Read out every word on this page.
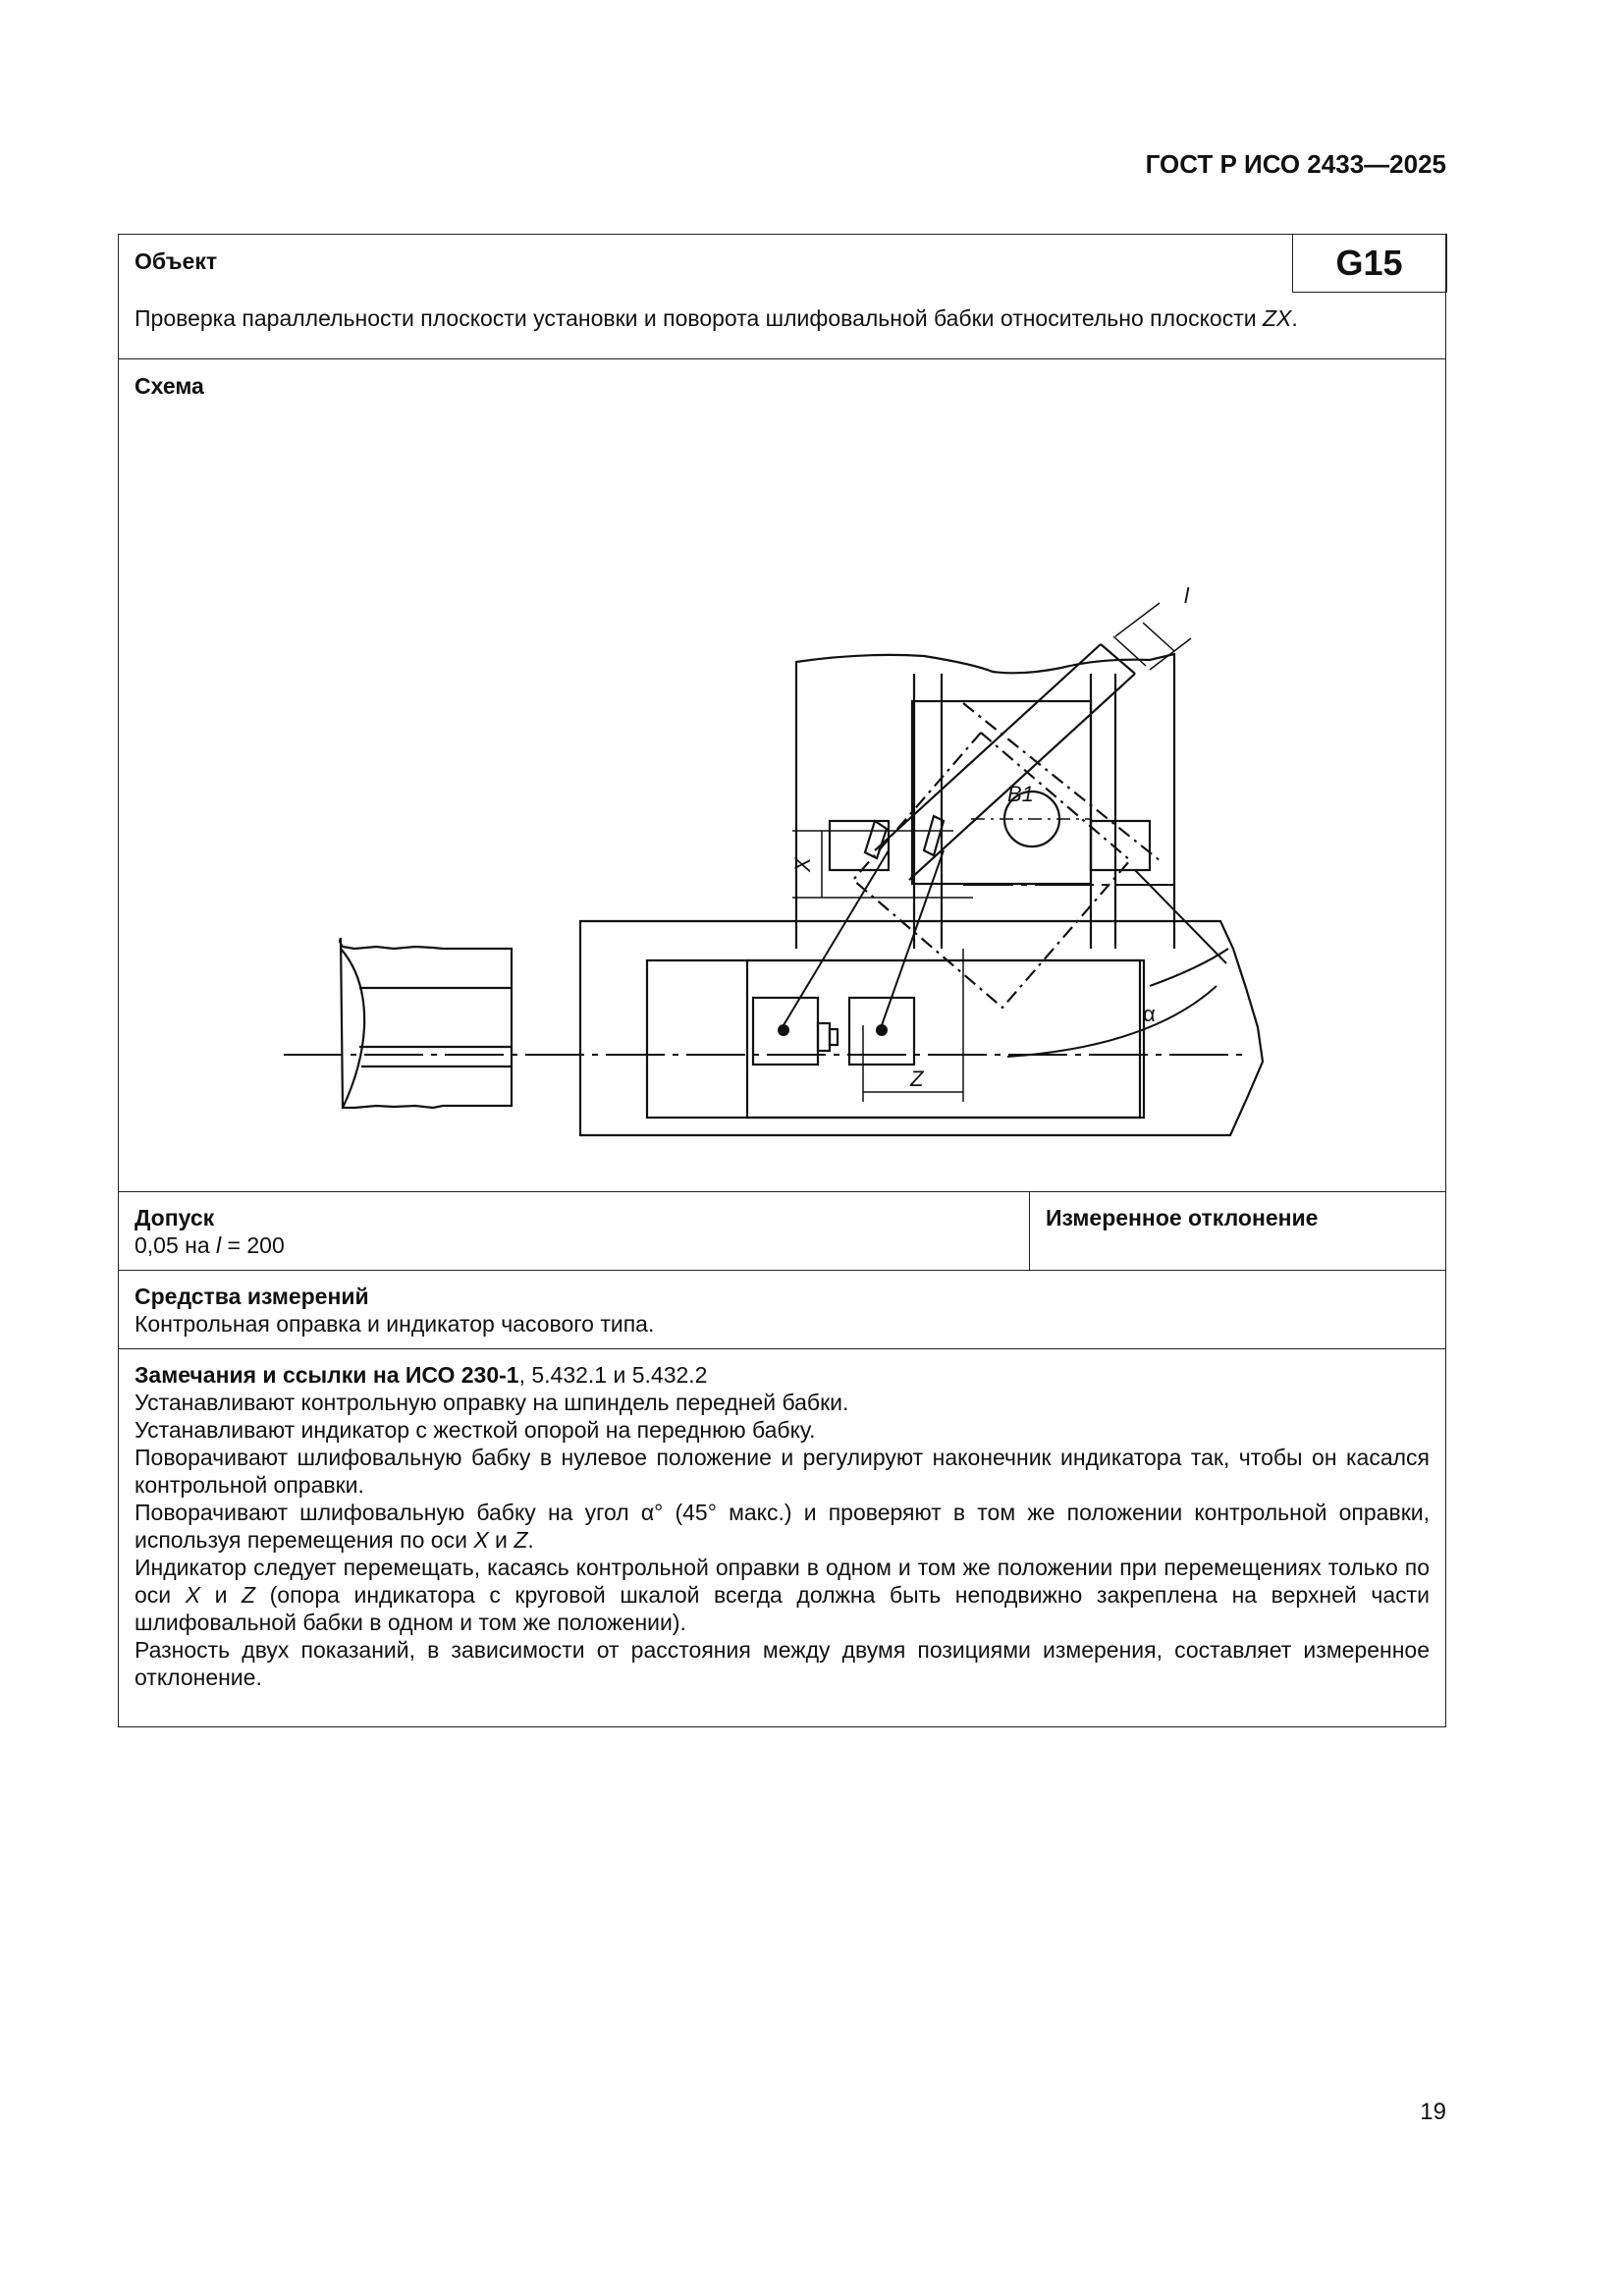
ГОСТ Р ИСО 2433—2025
Объект	G15
Проверка параллельности плоскости установки и поворота шлифовальной бабки относительно плоскости ZX.
Схема
B1
X
Z
α
l
Допуск
0,05 на l = 200
Измеренное отклонение
Средства измерений
Контрольная оправка и индикатор часового типа.
Замечания и ссылки на ИСО 230-1, 5.432.1 и 5.432.2
Устанавливают контрольную оправку на шпиндель передней бабки.
Устанавливают индикатор с жесткой опорой на переднюю бабку.
Поворачивают шлифовальную бабку в нулевое положение и регулируют наконечник индикатора так, чтобы он касался контрольной оправки.
Поворачивают шлифовальную бабку на угол α° (45° макс.) и проверяют в том же положении контрольной оправки, используя перемещения по оси X и Z.
Индикатор следует перемещать, касаясь контрольной оправки в одном и том же положении при перемещениях только по оси X и Z (опора индикатора с круговой шкалой всегда должна быть неподвижно закреплена на верхней части шлифовальной бабки в одном и том же положении).
Разность двух показаний, в зависимости от расстояния между двумя позициями измерения, составляет измеренное отклонение.
19
